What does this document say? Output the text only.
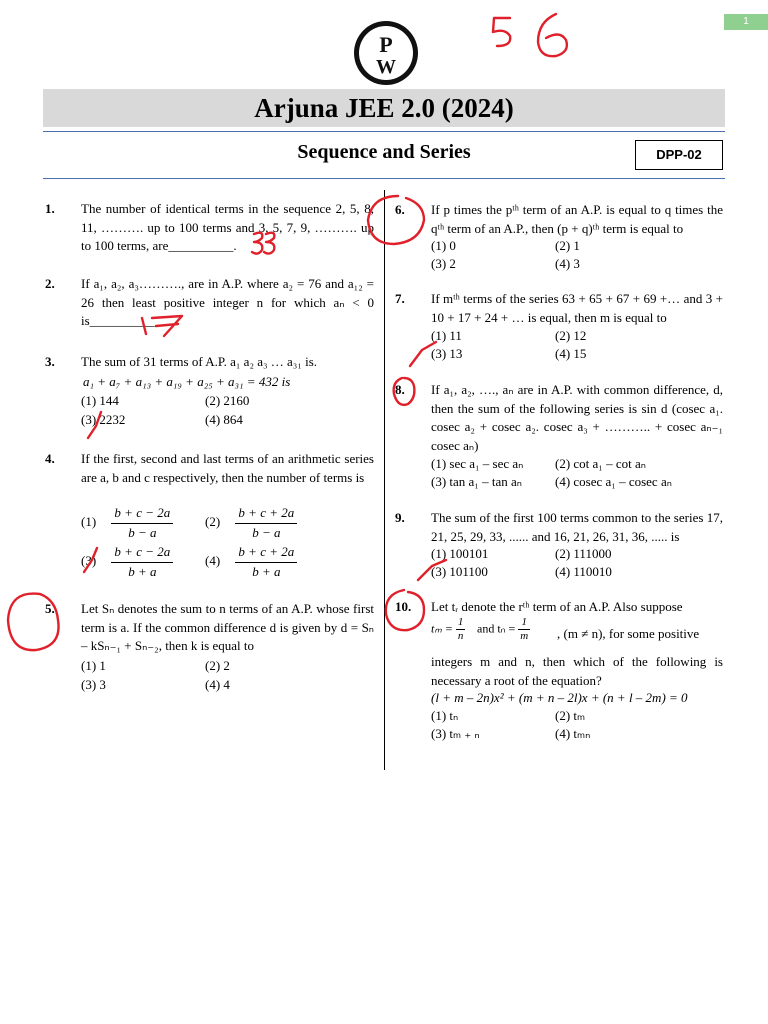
1
P
W
Arjuna JEE 2.0 (2024)
Sequence and Series	DPP-02
1. The number of identical terms in the sequence 2, 5, 8, 11, ………. up to 100 terms and 3, 5, 7, 9, ………. up to 100 terms, are__________.
2. If a₁, a₂, a₃………., are in A.P. where a₂ = 76 and a₁₂ = 26 then least positive integer n for which aₙ < 0 is__________
3. The sum of 31 terms of A.P. a₁ a₂ a₃ … a₃₁ is.
a₁ + a₇ + a₁₃ + a₁₉ + a₂₅ + a₃₁ = 432 is
(1) 144	(2) 2160
(3) 2232	(4) 864
4. If the first, second and last terms of an arithmetic series are a, b and c respectively, then the number of terms is
$(1) \frac{b + c - 2a}{b - a} (2) \frac{b + c + 2a}{b - a}$
$(3) \frac{b + c - 2a}{b + a} (4) \frac{b + c + 2a}{b + a}$
5. Let Sₙ denotes the sum to n terms of an A.P. whose first term is a. If the common difference d is given by d = Sₙ – kSₙ₋₁ + Sₙ₋₂, then k is equal to
(1) 1	(2) 2
(3) 3	(4) 4
6. If p times the pᵗʰ term of an A.P. is equal to q times the qᵗʰ term of an A.P., then (p + q)ᵗʰ term is equal to
(1) 0	(2) 1
(3) 2	(4) 3
7. If mᵗʰ terms of the series 63 + 65 + 67 + 69 +… and 3 + 10 + 17 + 24 + … is equal, then m is equal to
(1) 11	(2) 12
(3) 13	(4) 15
8. If a₁, a₂, …., aₙ are in A.P. with common difference, d, then the sum of the following series is sin d (cosec a₁. cosec a₂ + cosec a₂. cosec a₃ + ……….. + cosec aₙ₋₁ cosec aₙ)
(1) sec a₁ – sec aₙ (2) cot a₁ – cot aₙ
(3) tan a₁ – tan aₙ	(4) cosec a₁ – cosec aₙ
9. The sum of the first 100 terms common to the series 17, 21, 25, 29, 33, ...... and 16, 21, 26, 31, 36, ..... is
(1) 100101	(2) 111000
(3) 101100	(4) 110010
10. Let tᵣ denote the rᵗʰ term of an A.P. Also suppose
$t_m = \frac{1}{n}$ and $t_n = \frac{1}{m}$ , (m ≠ n), for some positive
integers m and n, then which of the following is necessary a root of the equation?
(l + m – 2n)x² + (m + n – 2l)x + (n + l – 2m) = 0
(1) tₙ	(2) tₘ
(3) tₘ ₊ ₙ	(4) tₘₙ
